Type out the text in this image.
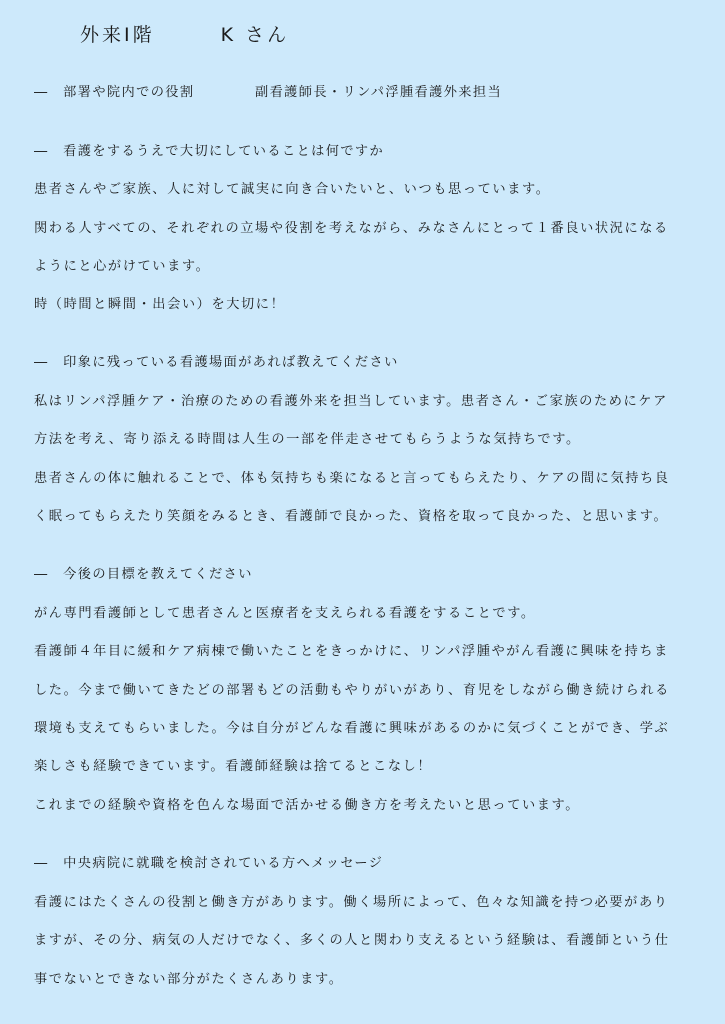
外来Ⅰ階	K さん
―　部署や院内での役割	副看護師長・リンパ浮腫看護外来担当
―　看護をするうえで大切にしていることは何ですか
患者さんやご家族、人に対して誠実に向き合いたいと、いつも思っています。
関わる人すべての、それぞれの立場や役割を考えながら、みなさんにとって１番良い状況になる
ようにと心がけています。
時（時間と瞬間・出会い）を大切に！
―　印象に残っている看護場面があれば教えてください
私はリンパ浮腫ケア・治療のための看護外来を担当しています。患者さん・ご家族のためにケア
方法を考え、寄り添える時間は人生の一部を伴走させてもらうような気持ちです。
患者さんの体に触れることで、体も気持ちも楽になると言ってもらえたり、ケアの間に気持ち良
く眠ってもらえたり笑顔をみるとき、看護師で良かった、資格を取って良かった、と思います。
―　今後の目標を教えてください
がん専門看護師として患者さんと医療者を支えられる看護をすることです。
看護師４年目に緩和ケア病棟で働いたことをきっかけに、リンパ浮腫やがん看護に興味を持ちま
した。今まで働いてきたどの部署もどの活動もやりがいがあり、育児をしながら働き続けられる
環境も支えてもらいました。今は自分がどんな看護に興味があるのかに気づくことができ、学ぶ
楽しさも経験できています。看護師経験は捨てるとこなし！
これまでの経験や資格を色んな場面で活かせる働き方を考えたいと思っています。
―　中央病院に就職を検討されている方へメッセージ
看護にはたくさんの役割と働き方があります。働く場所によって、色々な知識を持つ必要があり
ますが、その分、病気の人だけでなく、多くの人と関わり支えるという経験は、看護師という仕
事でないとできない部分がたくさんあります。
